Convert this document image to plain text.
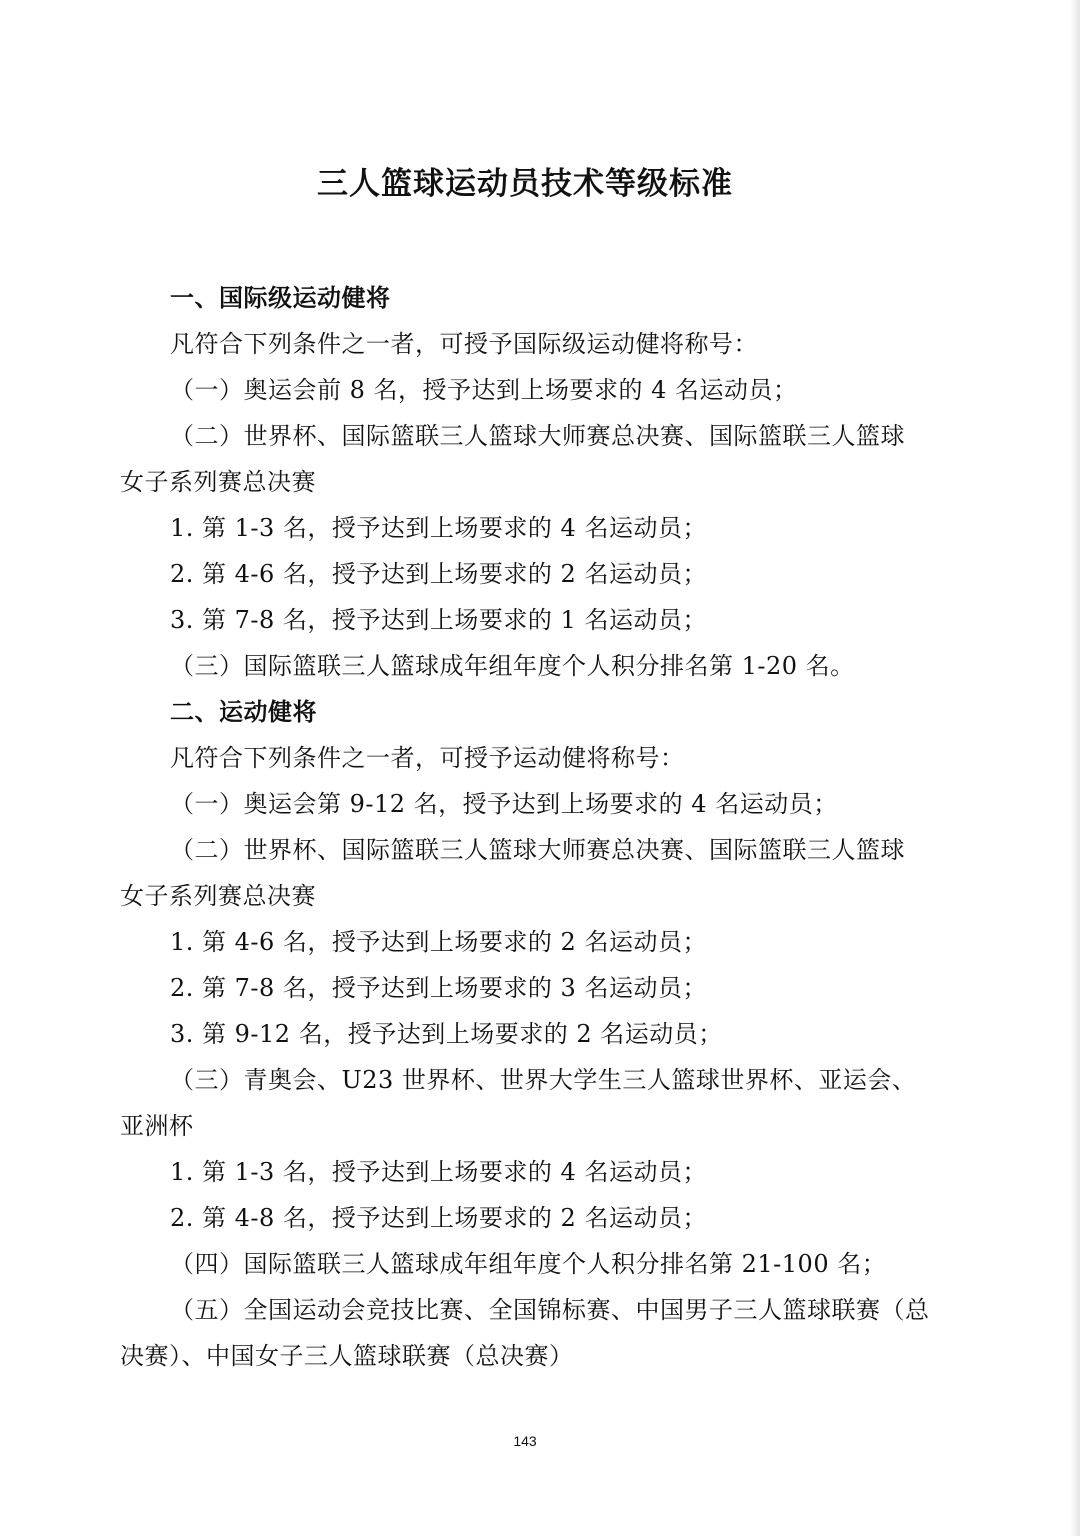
三人篮球运动员技术等级标准
一、国际级运动健将
凡符合下列条件之一者，可授予国际级运动健将称号：
（一）奥运会前 8 名，授予达到上场要求的 4 名运动员；
（二）世界杯、国际篮联三人篮球大师赛总决赛、国际篮联三人篮球
女子系列赛总决赛
1. 第 1-3 名，授予达到上场要求的 4 名运动员；
2. 第 4-6 名，授予达到上场要求的 2 名运动员；
3. 第 7-8 名，授予达到上场要求的 1 名运动员；
（三）国际篮联三人篮球成年组年度个人积分排名第 1-20 名。
二、运动健将
凡符合下列条件之一者，可授予运动健将称号：
（一）奥运会第 9-12 名，授予达到上场要求的 4 名运动员；
（二）世界杯、国际篮联三人篮球大师赛总决赛、国际篮联三人篮球
女子系列赛总决赛
1. 第 4-6 名，授予达到上场要求的 2 名运动员；
2. 第 7-8 名，授予达到上场要求的 3 名运动员；
3. 第 9-12 名，授予达到上场要求的 2 名运动员；
（三）青奥会、U23 世界杯、世界大学生三人篮球世界杯、亚运会、
亚洲杯
1. 第 1-3 名，授予达到上场要求的 4 名运动员；
2. 第 4-8 名，授予达到上场要求的 2 名运动员；
（四）国际篮联三人篮球成年组年度个人积分排名第 21-100 名；
（五）全国运动会竞技比赛、全国锦标赛、中国男子三人篮球联赛（总
决赛）、中国女子三人篮球联赛（总决赛）
143
